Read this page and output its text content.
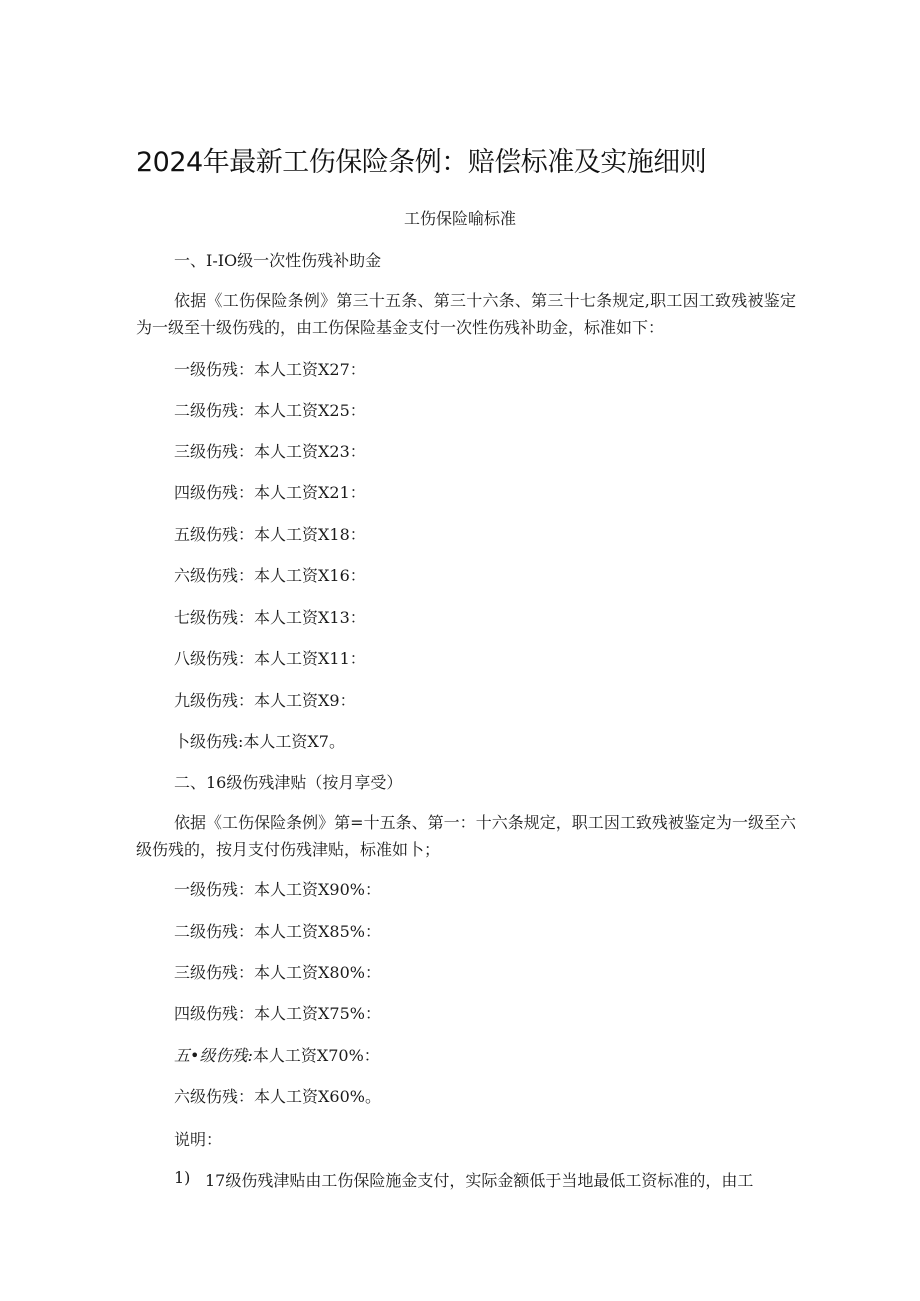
2024年最新工伤保险条例：赔偿标准及实施细则
工伤保险喻标准
一、I-IO级一次性伤残补助金
依据《工伤保险条例》第三十五条、第三十六条、第三十七条规定,职工因工致残被鉴定为一级至十级伤残的，由工伤保险基金支付一次性伤残补助金，标准如下：
一级伤残：本人工资X27：
二级伤残：本人工资X25：
三级伤残：本人工资X23：
四级伤残：本人工资X21：
五级伤残：本人工资X18：
六级伤残：本人工资X16：
七级伤残：本人工资X13：
八级伤残：本人工资X11：
九级伤残：本人工资X9：
卜级伤残:本人工资X7。
二、16级伤残津贴（按月享受）
依据《工伤保险条例》第=十五条、第一：十六条规定，职工因工致残被鉴定为一级至六级伤残的，按月支付伤残津贴，标准如卜；
一级伤残：本人工资X90%：
二级伤残：本人工资X85%：
三级伤残：本人工资X80%：
四级伤残：本人工资X75%：
五•级伤残:本人工资X70%：
六级伤残：本人工资X60%。
说明：
1) 17级伤残津贴由工伤保险施金支付，实际金额低于当地最低工资标准的，由工
